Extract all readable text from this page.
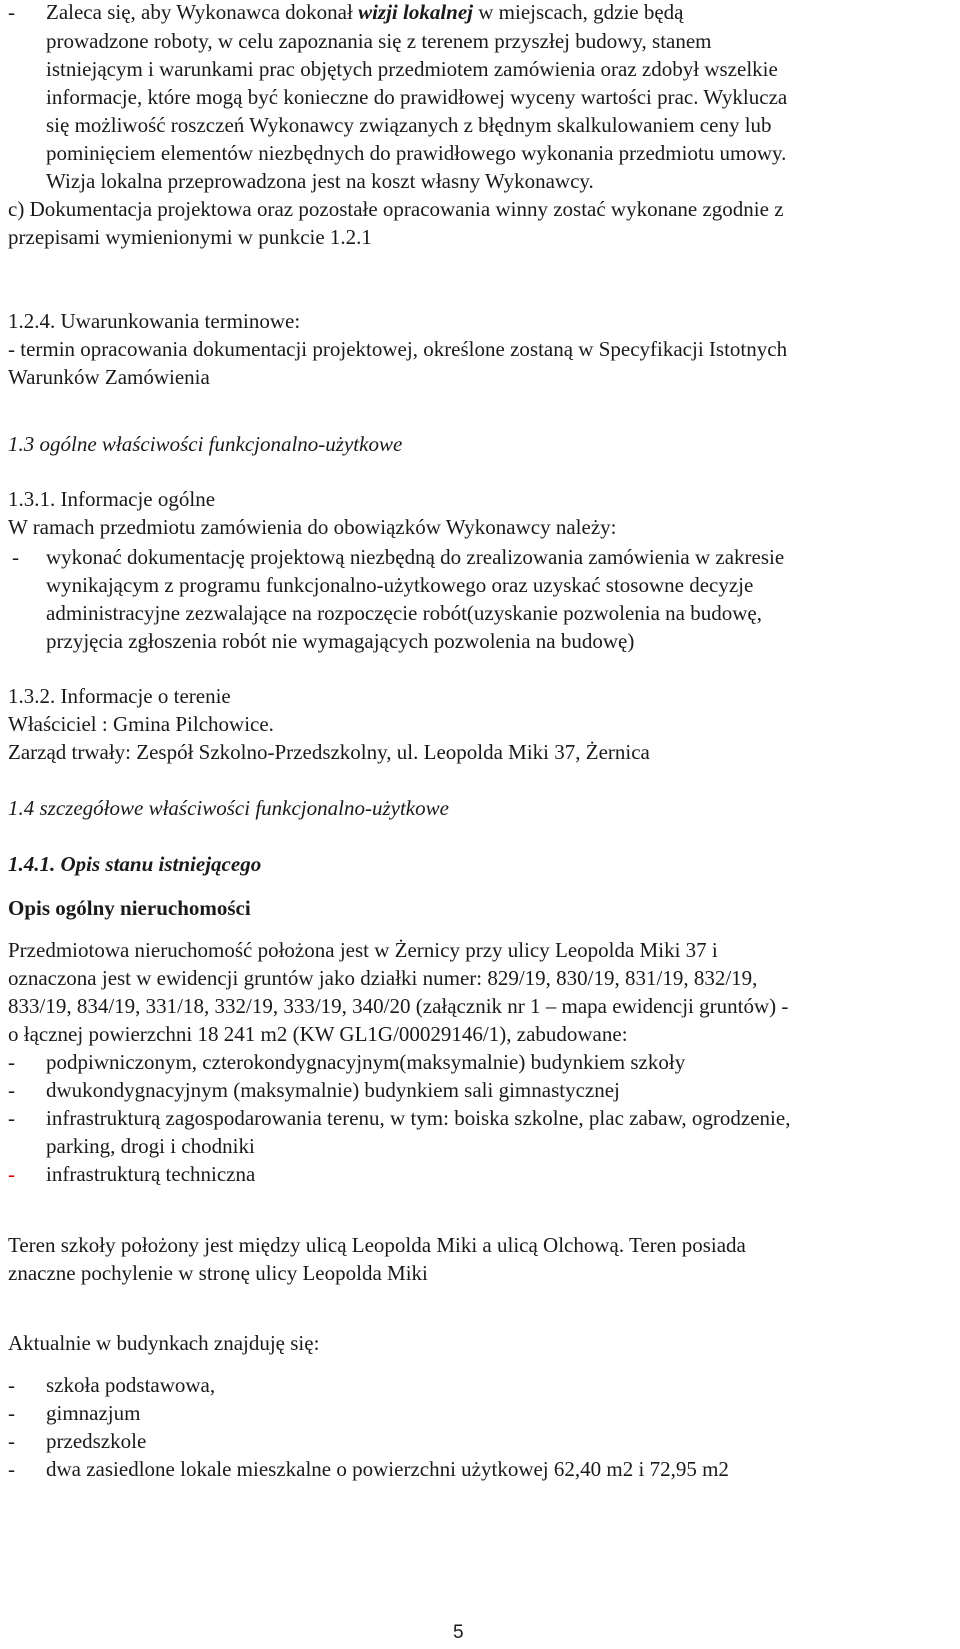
- Zaleca się, aby Wykonawca dokonał wizji lokalnej w miejscach, gdzie będą
prowadzone roboty, w celu zapoznania się z terenem przyszłej budowy, stanem
istniejącym i warunkami prac objętych przedmiotem zamówienia oraz zdobył wszelkie
informacje, które mogą być konieczne do prawidłowej wyceny wartości prac. Wyklucza
się możliwość roszczeń Wykonawcy związanych z błędnym skalkulowaniem ceny lub
pominięciem elementów niezbędnych do prawidłowego wykonania przedmiotu umowy.
Wizja lokalna przeprowadzona jest na koszt własny Wykonawcy.
c) Dokumentacja projektowa oraz pozostałe opracowania winny zostać wykonane zgodnie z
przepisami wymienionymi w punkcie 1.2.1
1.2.4. Uwarunkowania terminowe:
- termin opracowania dokumentacji projektowej, określone zostaną w Specyfikacji Istotnych
Warunków Zamówienia
1.3 ogólne właściwości funkcjonalno-użytkowe
1.3.1. Informacje ogólne
W ramach przedmiotu zamówienia do obowiązków Wykonawcy należy:
- wykonać dokumentację projektową niezbędną do zrealizowania zamówienia w zakresie
wynikającym z programu funkcjonalno-użytkowego oraz uzyskać stosowne decyzje
administracyjne zezwalające na rozpoczęcie robót(uzyskanie pozwolenia na budowę,
przyjęcia zgłoszenia robót nie wymagających pozwolenia na budowę)
1.3.2. Informacje o terenie
Właściciel : Gmina Pilchowice.
Zarząd trwały: Zespół Szkolno-Przedszkolny, ul. Leopolda Miki 37, Żernica
1.4 szczegółowe właściwości funkcjonalno-użytkowe
1.4.1. Opis stanu istniejącego
Opis ogólny nieruchomości
Przedmiotowa nieruchomość położona jest w Żernicy przy ulicy Leopolda Miki 37 i
oznaczona jest w ewidencji gruntów jako działki numer: 829/19, 830/19, 831/19, 832/19,
833/19, 834/19, 331/18, 332/19, 333/19, 340/20 (załącznik nr 1 – mapa ewidencji gruntów) -
o łącznej powierzchni 18 241 m2 (KW GL1G/00029146/1), zabudowane:
- podpiwniczonym, czterokondygnacyjnym(maksymalnie) budynkiem szkoły
- dwukondygnacyjnym (maksymalnie) budynkiem sali gimnastycznej
- infrastrukturą zagospodarowania terenu, w tym: boiska szkolne, plac zabaw, ogrodzenie,
parking, drogi i chodniki
- infrastrukturą techniczna
Teren szkoły położony jest między ulicą Leopolda Miki a ulicą Olchową. Teren posiada
znaczne pochylenie w stronę ulicy Leopolda Miki
Aktualnie w budynkach znajduję się:
- szkoła podstawowa,
- gimnazjum
- przedszkole
- dwa zasiedlone lokale mieszkalne o powierzchni użytkowej 62,40 m2 i 72,95 m2
5
